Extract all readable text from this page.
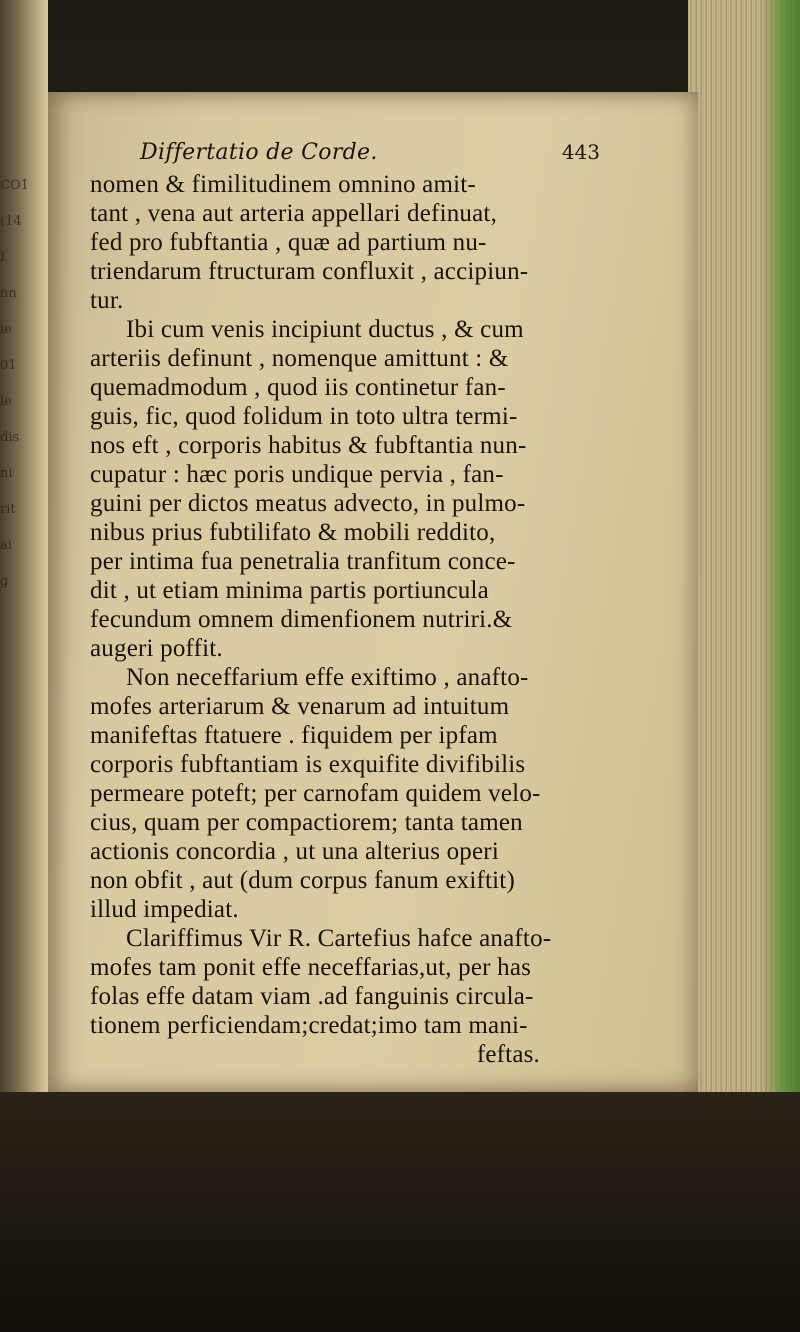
CO1
(14
I
nn
ie
01
le
dis
ni
rit
ai
g
Differtatio de Corde.	443
nomen & fimilitudinem omnino amit-
tant , vena aut arteria appellari definuat,
fed pro fubftantia , quæ ad partium nu-
triendarum ftructuram confluxit , accipiun-
tur.
Ibi cum venis incipiunt ductus , & cum
arteriis definunt , nomenque amittunt : &
quemadmodum , quod iis continetur fan-
guis, fic, quod folidum in toto ultra termi-
nos eft , corporis habitus & fubftantia nun-
cupatur : hæc poris undique pervia , fan-
guini per dictos meatus advecto, in pulmo-
nibus prius fubtilifato & mobili reddito,
per intima fua penetralia tranfitum conce-
dit , ut etiam minima partis portiuncula
fecundum omnem dimenfionem nutriri.&
augeri poffit.
Non neceffarium effe exiftimo , anafto-
mofes arteriarum & venarum ad intuitum
manifeftas ftatuere . fiquidem per ipfam
corporis fubftantiam is exquifite divifibilis
permeare poteft; per carnofam quidem velo-
cius, quam per compactiorem; tanta tamen
actionis concordia , ut una alterius operi
non obfit , aut (dum corpus fanum exiftit)
illud impediat.
Clariffimus Vir R. Cartefius hafce anafto-
mofes tam ponit effe neceffarias,ut, per has
folas effe datam viam .ad fanguinis circula-
tionem perficiendam;credat;imo tam mani-
feftas.
